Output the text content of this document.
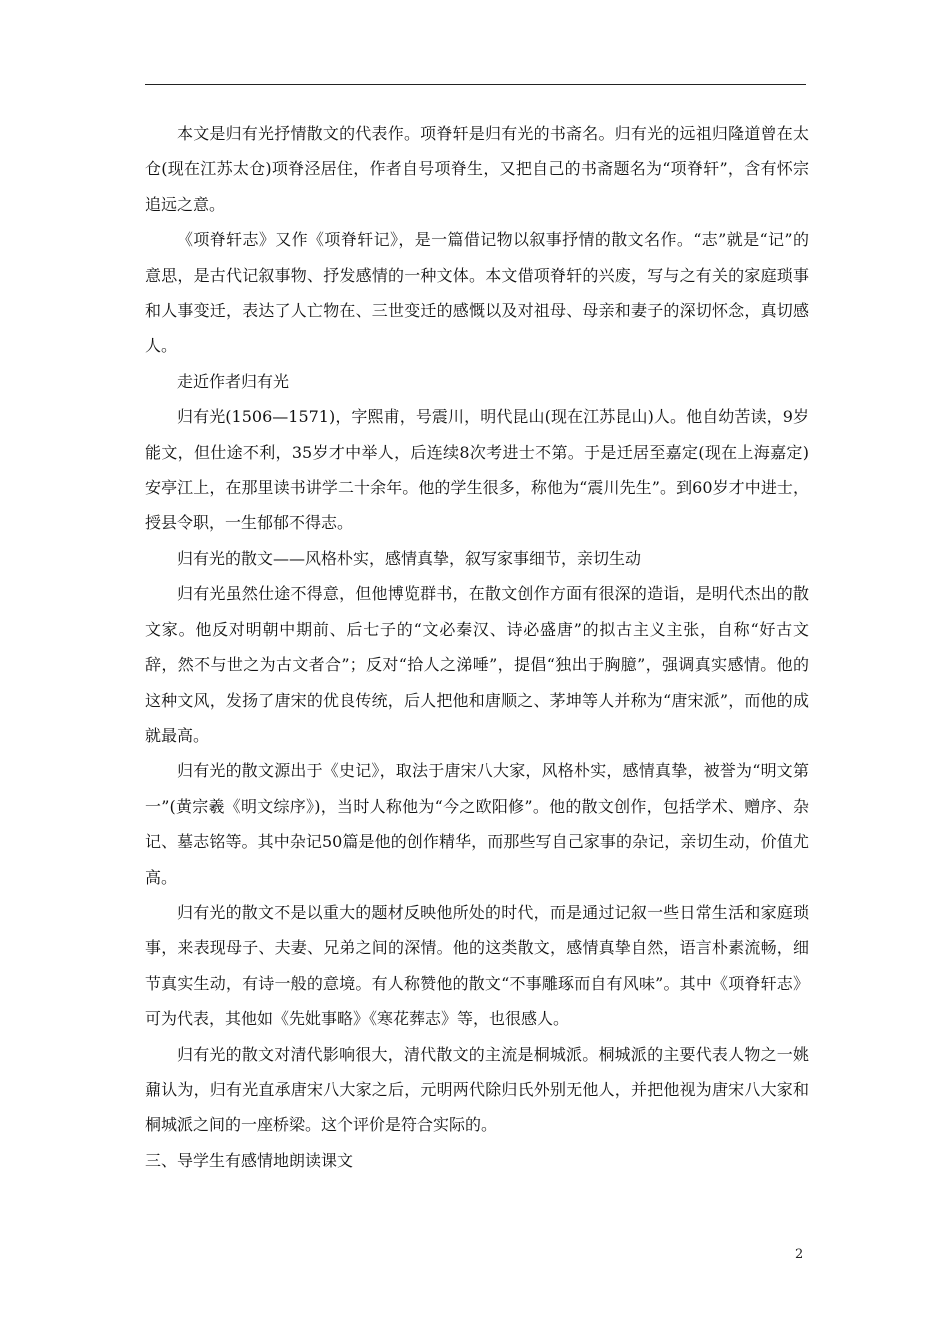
本文是归有光抒情散文的代表作。项脊轩是归有光的书斋名。归有光的远祖归隆道曾在太仓(现在江苏太仓)项脊泾居住，作者自号项脊生，又把自己的书斋题名为“项脊轩”，含有怀宗追远之意。

《项脊轩志》又作《项脊轩记》，是一篇借记物以叙事抒情的散文名作。“志”就是“记”的意思，是古代记叙事物、抒发感情的一种文体。本文借项脊轩的兴废，写与之有关的家庭琐事和人事变迁，表达了人亡物在、三世变迁的感慨以及对祖母、母亲和妻子的深切怀念，真切感人。

走近作者归有光

归有光(1506—1571)，字熙甫，号震川，明代昆山(现在江苏昆山)人。他自幼苦读，9岁能文，但仕途不利，35岁才中举人，后连续8次考进士不第。于是迁居至嘉定(现在上海嘉定)安亭江上，在那里读书讲学二十余年。他的学生很多，称他为“震川先生”。到60岁才中进士，授县令职，一生郁郁不得志。

归有光的散文——风格朴实，感情真挚，叙写家事细节，亲切生动

归有光虽然仕途不得意，但他博览群书，在散文创作方面有很深的造诣，是明代杰出的散文家。他反对明朝中期前、后七子的“文必秦汉、诗必盛唐”的拟古主义主张，自称“好古文辞，然不与世之为古文者合”；反对“拾人之涕唾”，提倡“独出于胸臆”，强调真实感情。他的这种文风，发扬了唐宋的优良传统，后人把他和唐顺之、茅坤等人并称为“唐宋派”，而他的成就最高。

归有光的散文源出于《史记》，取法于唐宋八大家，风格朴实，感情真挚，被誉为“明文第一”(黄宗羲《明文综序》)，当时人称他为“今之欧阳修”。他的散文创作，包括学术、赠序、杂记、墓志铭等。其中杂记50篇是他的创作精华，而那些写自己家事的杂记，亲切生动，价值尤高。

归有光的散文不是以重大的题材反映他所处的时代，而是通过记叙一些日常生活和家庭琐事，来表现母子、夫妻、兄弟之间的深情。他的这类散文，感情真挚自然，语言朴素流畅，细节真实生动，有诗一般的意境。有人称赞他的散文“不事雕琢而自有风味”。其中《项脊轩志》可为代表，其他如《先妣事略》《寒花葬志》等，也很感人。

归有光的散文对清代影响很大，清代散文的主流是桐城派。桐城派的主要代表人物之一姚鼐认为，归有光直承唐宋八大家之后，元明两代除归氏外别无他人，并把他视为唐宋八大家和桐城派之间的一座桥梁。这个评价是符合实际的。

三、导学生有感情地朗读课文

2
